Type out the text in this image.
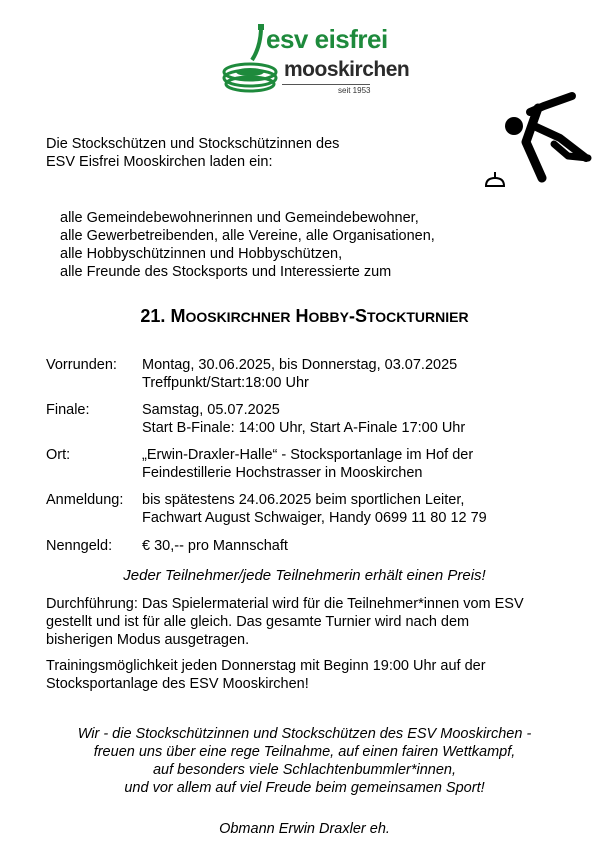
esv eisfrei
mooskirchen
seit 1953
Die Stockschützen und Stockschützinnen des
ESV Eisfrei Mooskirchen laden ein:
alle Gemeindebewohnerinnen und Gemeindebewohner,
alle Gewerbetreibenden, alle Vereine, alle Organisationen,
alle Hobbyschützinnen und Hobbyschützen,
alle Freunde des Stocksports und Interessierte zum
21. MOOSKIRCHNER HOBBY-STOCKTURNIER
Vorrunden: Montag, 30.06.2025, bis Donnerstag, 03.07.2025
Treffpunkt/Start:18:00 Uhr
Finale:	Samstag, 05.07.2025
Start B-Finale: 14:00 Uhr, Start A-Finale 17:00 Uhr
Ort:	„Erwin-Draxler-Halle“ - Stocksportanlage im Hof der
Feindestillerie Hochstrasser in Mooskirchen
Anmeldung: bis spätestens 24.06.2025 beim sportlichen Leiter,
Fachwart August Schwaiger, Handy 0699 11 80 12 79
Nenngeld: € 30,-- pro Mannschaft
Jeder Teilnehmer/jede Teilnehmerin erhält einen Preis!
Durchführung: Das Spielermaterial wird für die Teilnehmer*innen vom ESV
gestellt und ist für alle gleich. Das gesamte Turnier wird nach dem
bisherigen Modus ausgetragen.
Trainingsmöglichkeit jeden Donnerstag mit Beginn 19:00 Uhr auf der
Stocksportanlage des ESV Mooskirchen!
Wir - die Stockschützinnen und Stockschützen des ESV Mooskirchen -
freuen uns über eine rege Teilnahme, auf einen fairen Wettkampf,
auf besonders viele Schlachtenbummler*innen,
und vor allem auf viel Freude beim gemeinsamen Sport!
Obmann Erwin Draxler eh.
